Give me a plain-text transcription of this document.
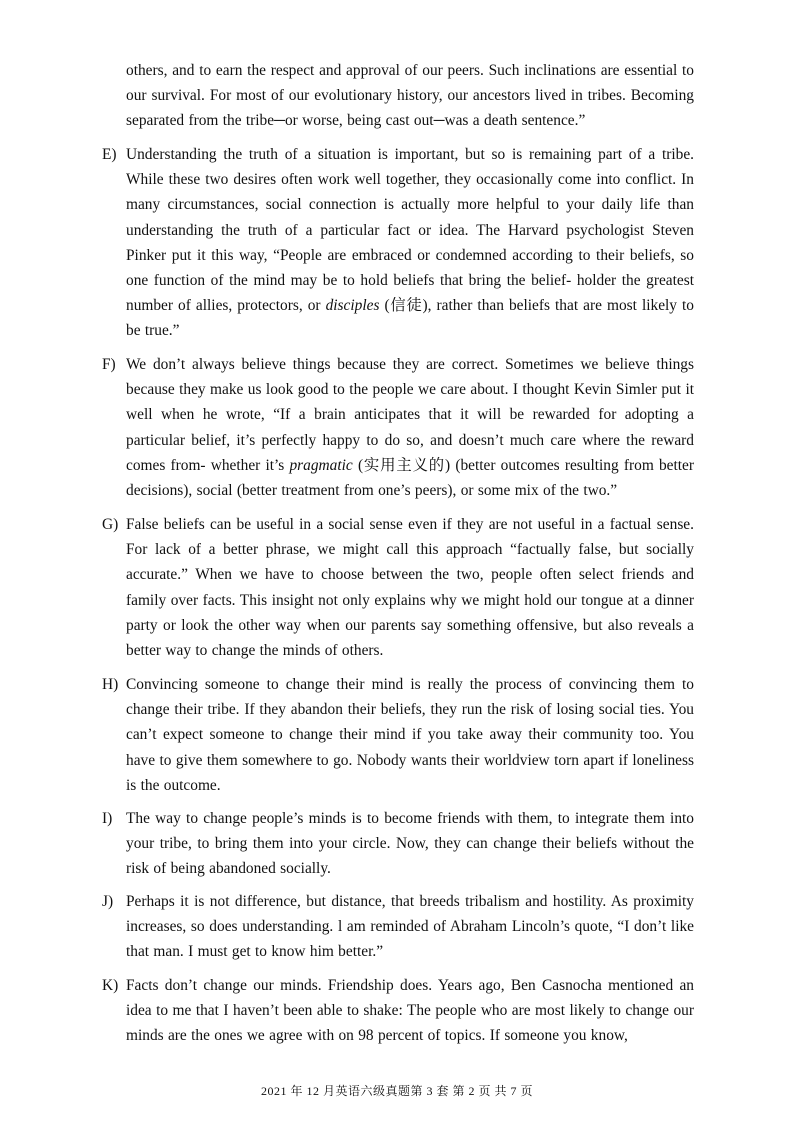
others, and to earn the respect and approval of our peers. Such inclinations are essential to our survival. For most of our evolutionary history, our ancestors lived in tribes. Becoming separated from the tribe─or worse, being cast out─was a death sentence.”
E) Understanding the truth of a situation is important, but so is remaining part of a tribe. While these two desires often work well together, they occasionally come into conflict. In many circumstances, social connection is actually more helpful to your daily life than understanding the truth of a particular fact or idea. The Harvard psychologist Steven Pinker put it this way, “People are embraced or condemned according to their beliefs, so one function of the mind may be to hold beliefs that bring the belief- holder the greatest number of allies, protectors, or disciples (信徒), rather than beliefs that are most likely to be true.”
F) We don’t always believe things because they are correct. Sometimes we believe things because they make us look good to the people we care about. I thought Kevin Simler put it well when he wrote, “If a brain anticipates that it will be rewarded for adopting a particular belief, it’s perfectly happy to do so, and doesn’t much care where the reward comes from- whether it’s pragmatic (实用主义的) (better outcomes resulting from better decisions), social (better treatment from one’s peers), or some mix of the two.”
G) False beliefs can be useful in a social sense even if they are not useful in a factual sense. For lack of a better phrase, we might call this approach “factually false, but socially accurate.” When we have to choose between the two, people often select friends and family over facts. This insight not only explains why we might hold our tongue at a dinner party or look the other way when our parents say something offensive, but also reveals a better way to change the minds of others.
H) Convincing someone to change their mind is really the process of convincing them to change their tribe. If they abandon their beliefs, they run the risk of losing social ties. You can’t expect someone to change their mind if you take away their community too. You have to give them somewhere to go. Nobody wants their worldview torn apart if loneliness is the outcome.
I) The way to change people’s minds is to become friends with them, to integrate them into your tribe, to bring them into your circle. Now, they can change their beliefs without the risk of being abandoned socially.
J) Perhaps it is not difference, but distance, that breeds tribalism and hostility. As proximity increases, so does understanding. l am reminded of Abraham Lincoln’s quote, “I don’t like that man. I must get to know him better.”
K) Facts don’t change our minds. Friendship does. Years ago, Ben Casnocha mentioned an idea to me that I haven’t been able to shake: The people who are most likely to change our minds are the ones we agree with on 98 percent of topics. If someone you know,
2021 年 12 月英语六级真题第 3 套 第 2 页 共 7 页
